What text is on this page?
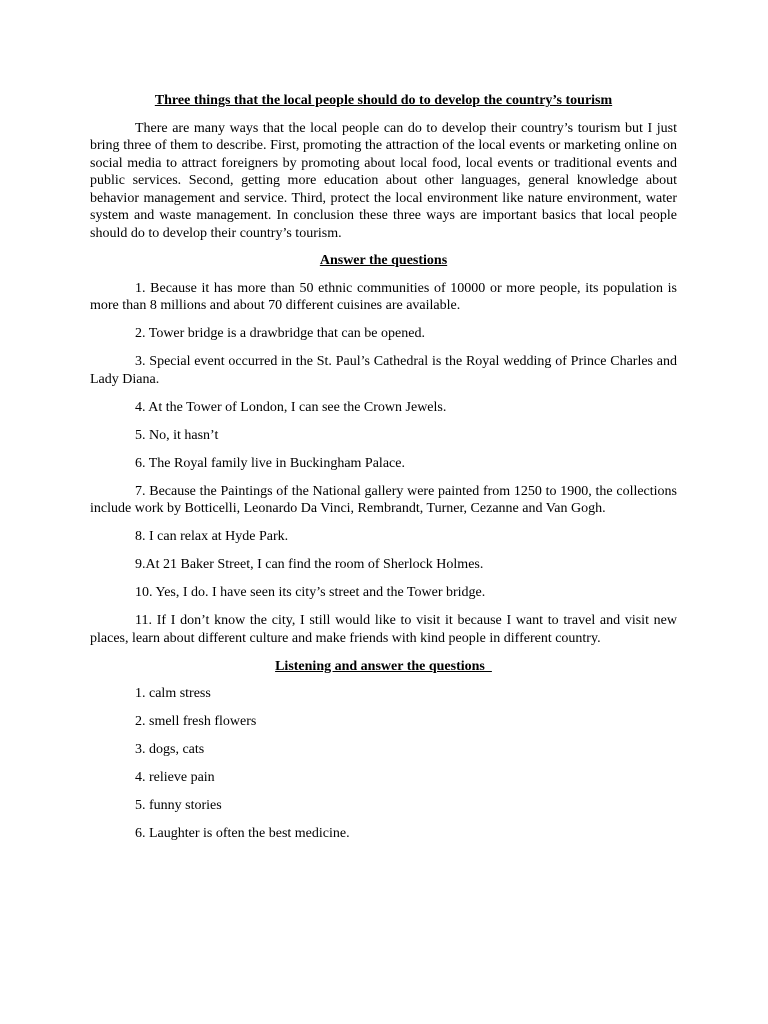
Three things that the local people should do to develop the country’s tourism

There are many ways that the local people can do to develop their country’s tourism but I just bring three of them to describe. First, promoting the attraction of the local events or marketing online on social media to attract foreigners by promoting about local food, local events or traditional events and public services. Second, getting more education about other languages, general knowledge about behavior management and service. Third, protect the local environment like nature environment, water system and waste management. In conclusion these three ways are important basics that local people should do to develop their country’s tourism.

Answer the questions

1. Because it has more than 50 ethnic communities of 10000 or more people, its population is more than 8 millions and about 70 different cuisines are available.

2. Tower bridge is a drawbridge that can be opened.

3. Special event occurred in the St. Paul’s Cathedral is the Royal wedding of Prince Charles and Lady Diana.

4. At the Tower of London, I can see the Crown Jewels.

5. No, it hasn’t

6. The Royal family live in Buckingham Palace.

7. Because the Paintings of the National gallery were painted from 1250 to 1900, the collections include work by Botticelli, Leonardo Da Vinci, Rembrandt, Turner, Cezanne and Van Gogh.

8. I can relax at Hyde Park.

9.At 21 Baker Street, I can find the room of Sherlock Holmes.

10. Yes, I do. I have seen its city’s street and the Tower bridge.

11. If I don’t know the city, I still would like to visit it because I want to travel and visit new places, learn about different culture and make friends with kind people in different country.

Listening and answer the questions

1. calm stress

2. smell fresh flowers

3. dogs, cats

4. relieve pain

5. funny stories

6. Laughter is often the best medicine.
